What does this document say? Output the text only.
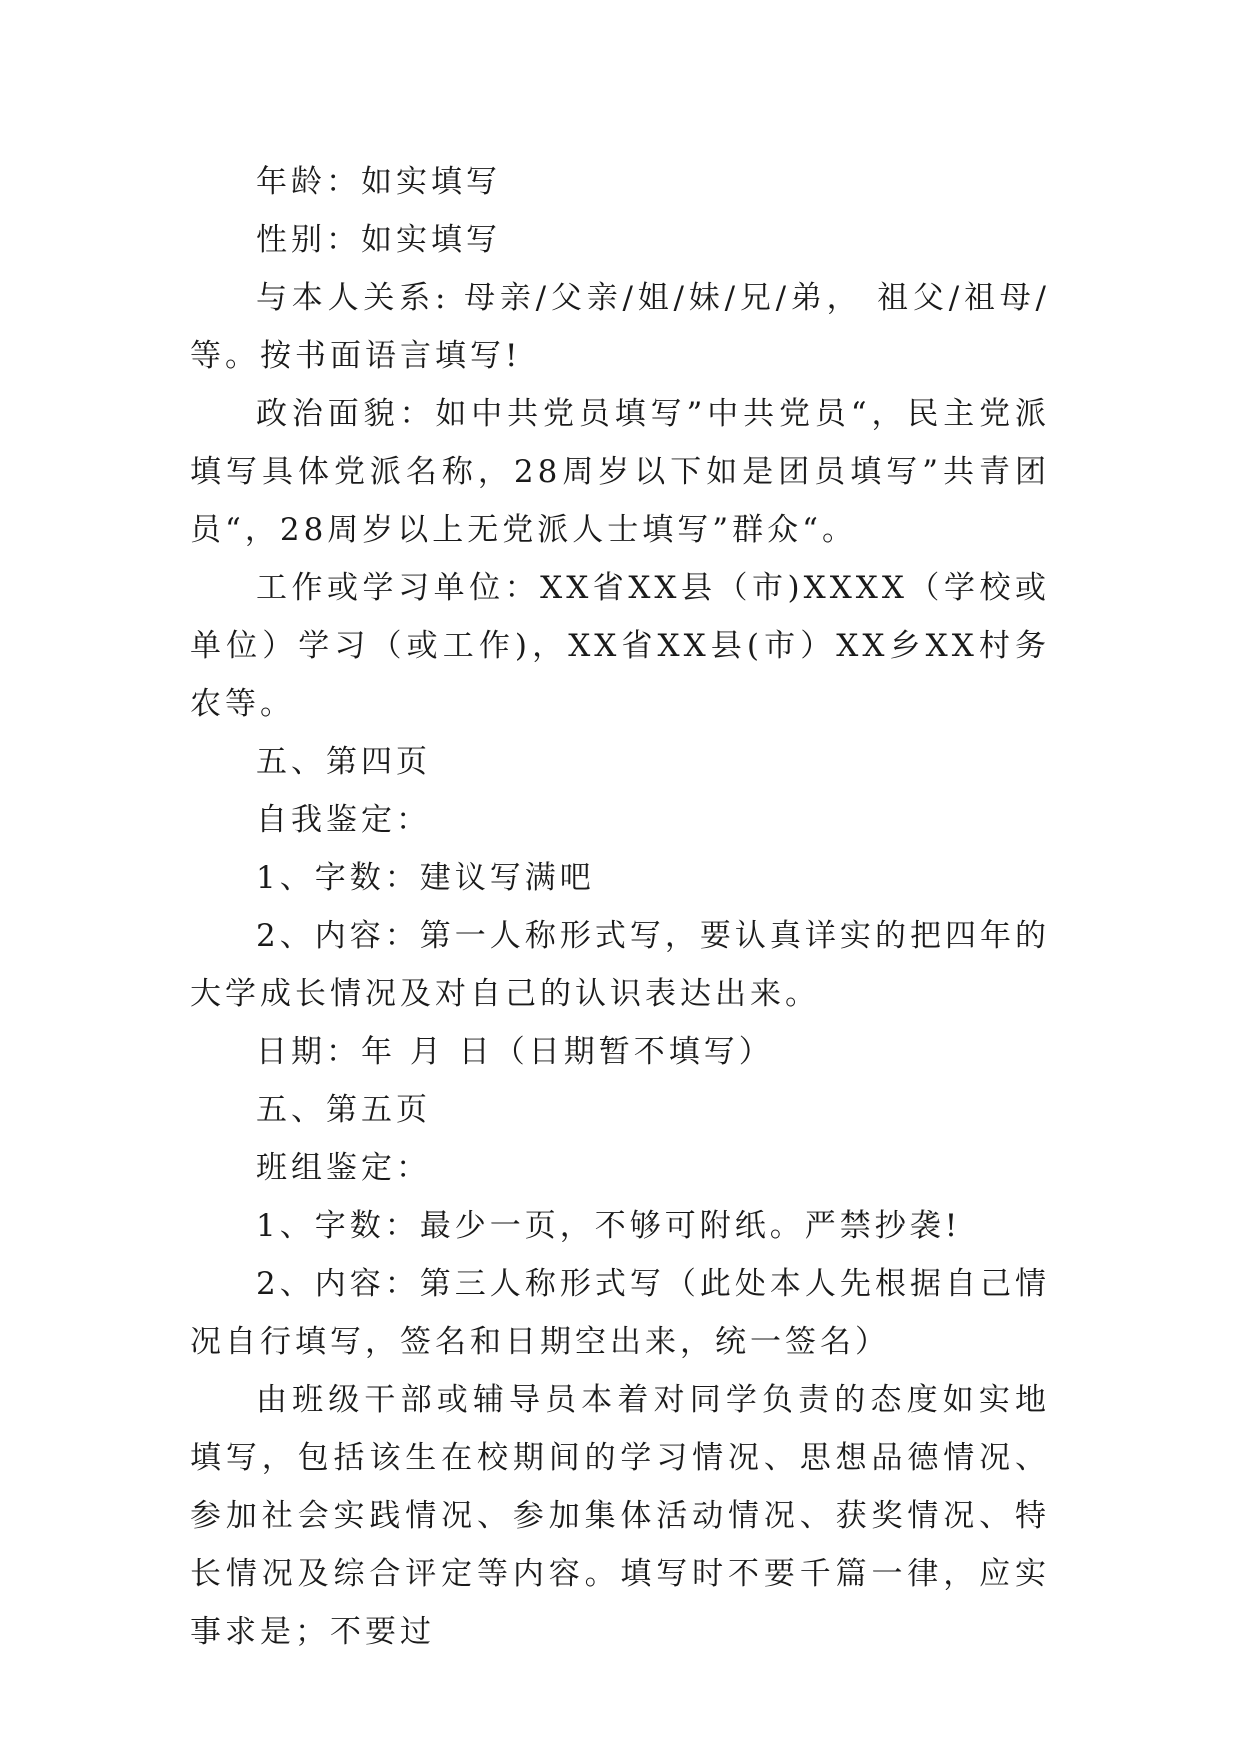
年龄：如实填写

性别：如实填写

与本人关系: 母亲/父亲/姐/妹/兄/弟， 祖父/祖母/等。按书面语言填写!

政治面貌：如中共党员填写”中共党员“，民主党派填写具体党派名称，28周岁以下如是团员填写”共青团员“，28周岁以上无党派人士填写”群众“。

工作或学习单位：XX省XX县（市)XXXX（学校或单位）学习（或工作)，XX省XX县(市）XX乡XX村务农等。

五、第四页

自我鉴定：

1、字数：建议写满吧

2、内容：第一人称形式写，要认真详实的把四年的大学成长情况及对自己的认识表达出来。

日期：年 月 日（日期暂不填写）

五、第五页

班组鉴定：

1、字数：最少一页，不够可附纸。严禁抄袭!

2、内容：第三人称形式写（此处本人先根据自己情况自行填写，签名和日期空出来，统一签名）

由班级干部或辅导员本着对同学负责的态度如实地填写，包括该生在校期间的学习情况、思想品德情况、参加社会实践情况、参加集体活动情况、获奖情况、特长情况及综合评定等内容。填写时不要千篇一律，应实事求是；不要过
